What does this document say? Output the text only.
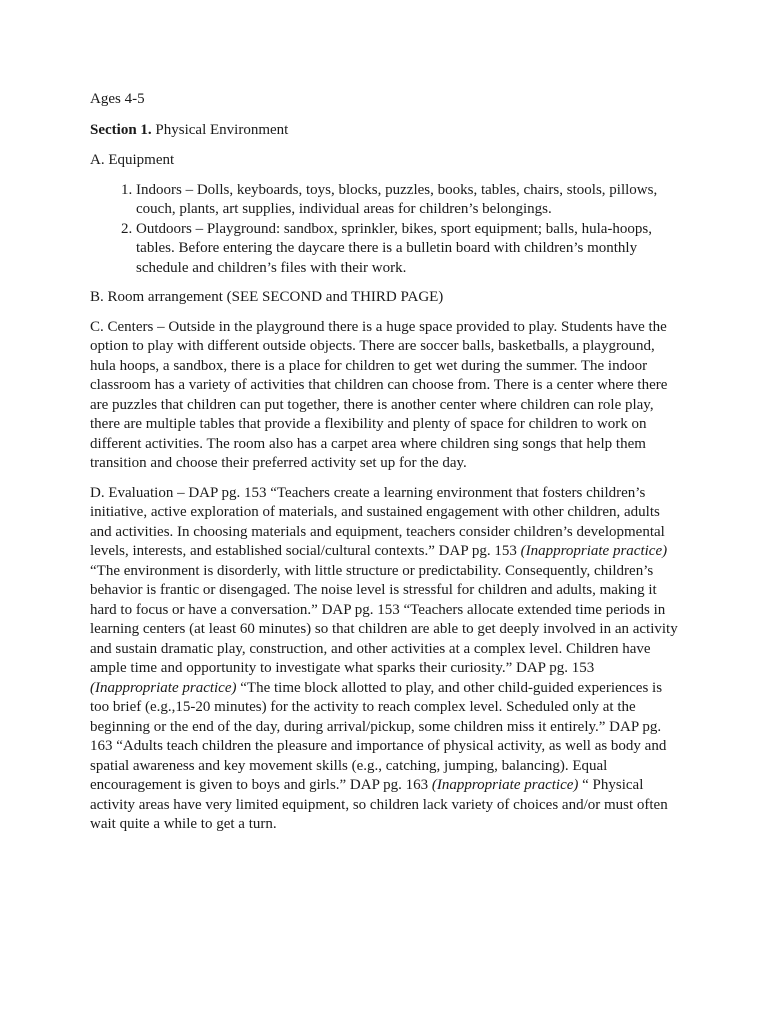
Ages 4-5

Section 1. Physical Environment

A. Equipment

1. Indoors – Dolls, keyboards, toys, blocks, puzzles, books, tables, chairs, stools, pillows, couch, plants, art supplies, individual areas for children’s belongings.
2. Outdoors – Playground: sandbox, sprinkler, bikes, sport equipment; balls, hula-hoops, tables. Before entering the daycare there is a bulletin board with children’s monthly schedule and children’s files with their work.

B. Room arrangement (SEE SECOND and THIRD PAGE)

C. Centers – Outside in the playground there is a huge space provided to play. Students have the option to play with different outside objects. There are soccer balls, basketballs, a playground, hula hoops, a sandbox, there is a place for children to get wet during the summer. The indoor classroom has a variety of activities that children can choose from. There is a center where there are puzzles that children can put together, there is another center where children can role play, there are multiple tables that provide a flexibility and plenty of space for children to work on different activities. The room also has a carpet area where children sing songs that help them transition and choose their preferred activity set up for the day.

D. Evaluation – DAP pg. 153 “Teachers create a learning environment that fosters children’s initiative, active exploration of materials, and sustained engagement with other children, adults and activities. In choosing materials and equipment, teachers consider children’s developmental levels, interests, and established social/cultural contexts.” DAP pg. 153 (Inappropriate practice) “The environment is disorderly, with little structure or predictability. Consequently, children’s behavior is frantic or disengaged. The noise level is stressful for children and adults, making it hard to focus or have a conversation.” DAP pg. 153 “Teachers allocate extended time periods in learning centers (at least 60 minutes) so that children are able to get deeply involved in an activity and sustain dramatic play, construction, and other activities at a complex level. Children have ample time and opportunity to investigate what sparks their curiosity.” DAP pg. 153 (Inappropriate practice) “The time block allotted to play, and other child-guided experiences is too brief (e.g.,15-20 minutes) for the activity to reach complex level. Scheduled only at the beginning or the end of the day, during arrival/pickup, some children miss it entirely.” DAP pg. 163 “Adults teach children the pleasure and importance of physical activity, as well as body and spatial awareness and key movement skills (e.g., catching, jumping, balancing). Equal encouragement is given to boys and girls.” DAP pg. 163 (Inappropriate practice) “ Physical activity areas have very limited equipment, so children lack variety of choices and/or must often wait quite a while to get a turn.
